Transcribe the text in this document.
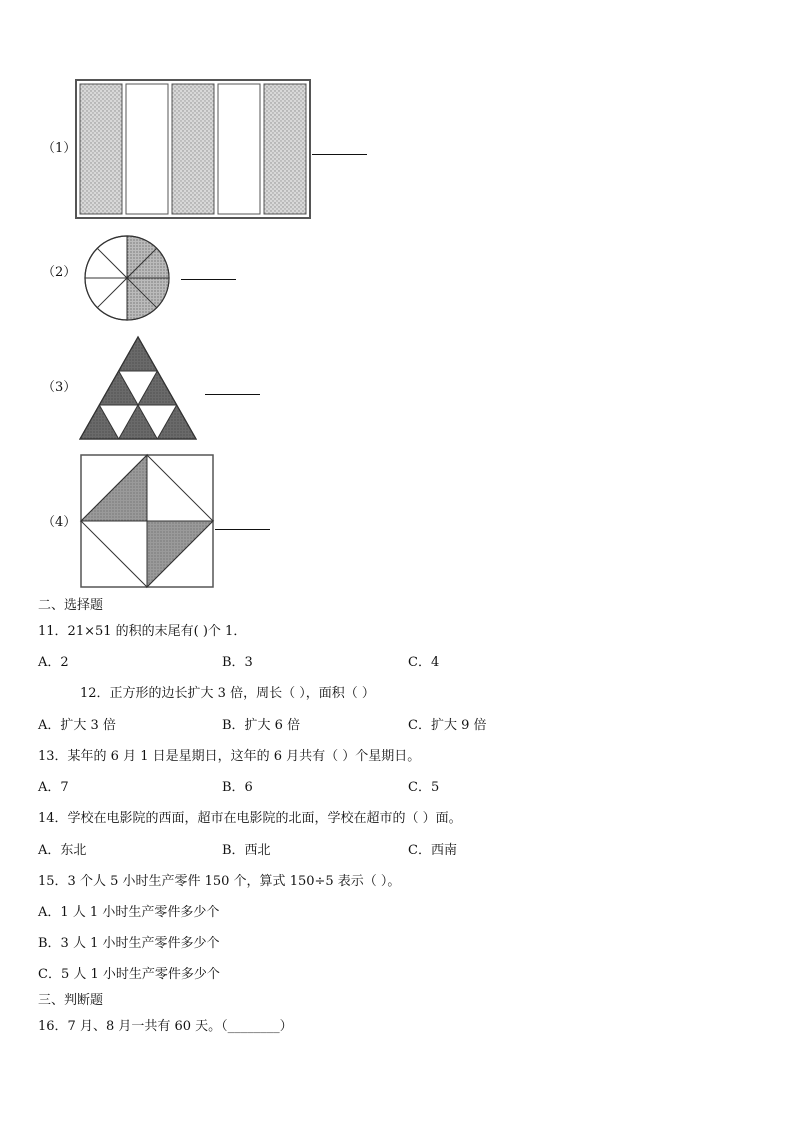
（1）
（2）
（3）
（4）
二、选择题
11．21×51 的积的末尾有( )个 1．
A．2	B．3	C．4
12．正方形的边长扩大 3 倍，周长（ ），面积（ ）
A．扩大 3 倍	B．扩大 6 倍	C．扩大 9 倍
13．某年的 6 月 1 日是星期日，这年的 6 月共有（ ）个星期日。
A．7	B．6	C．5
14．学校在电影院的西面，超市在电影院的北面，学校在超市的（ ）面。
A．东北	B．西北	C．西南
15．3 个人 5 小时生产零件 150 个，算式 150÷5 表示（ ）。
A．1 人 1 小时生产零件多少个
B．3 人 1 小时生产零件多少个
C．5 人 1 小时生产零件多少个
三、判断题
16．7 月、8 月一共有 60 天。（________）
